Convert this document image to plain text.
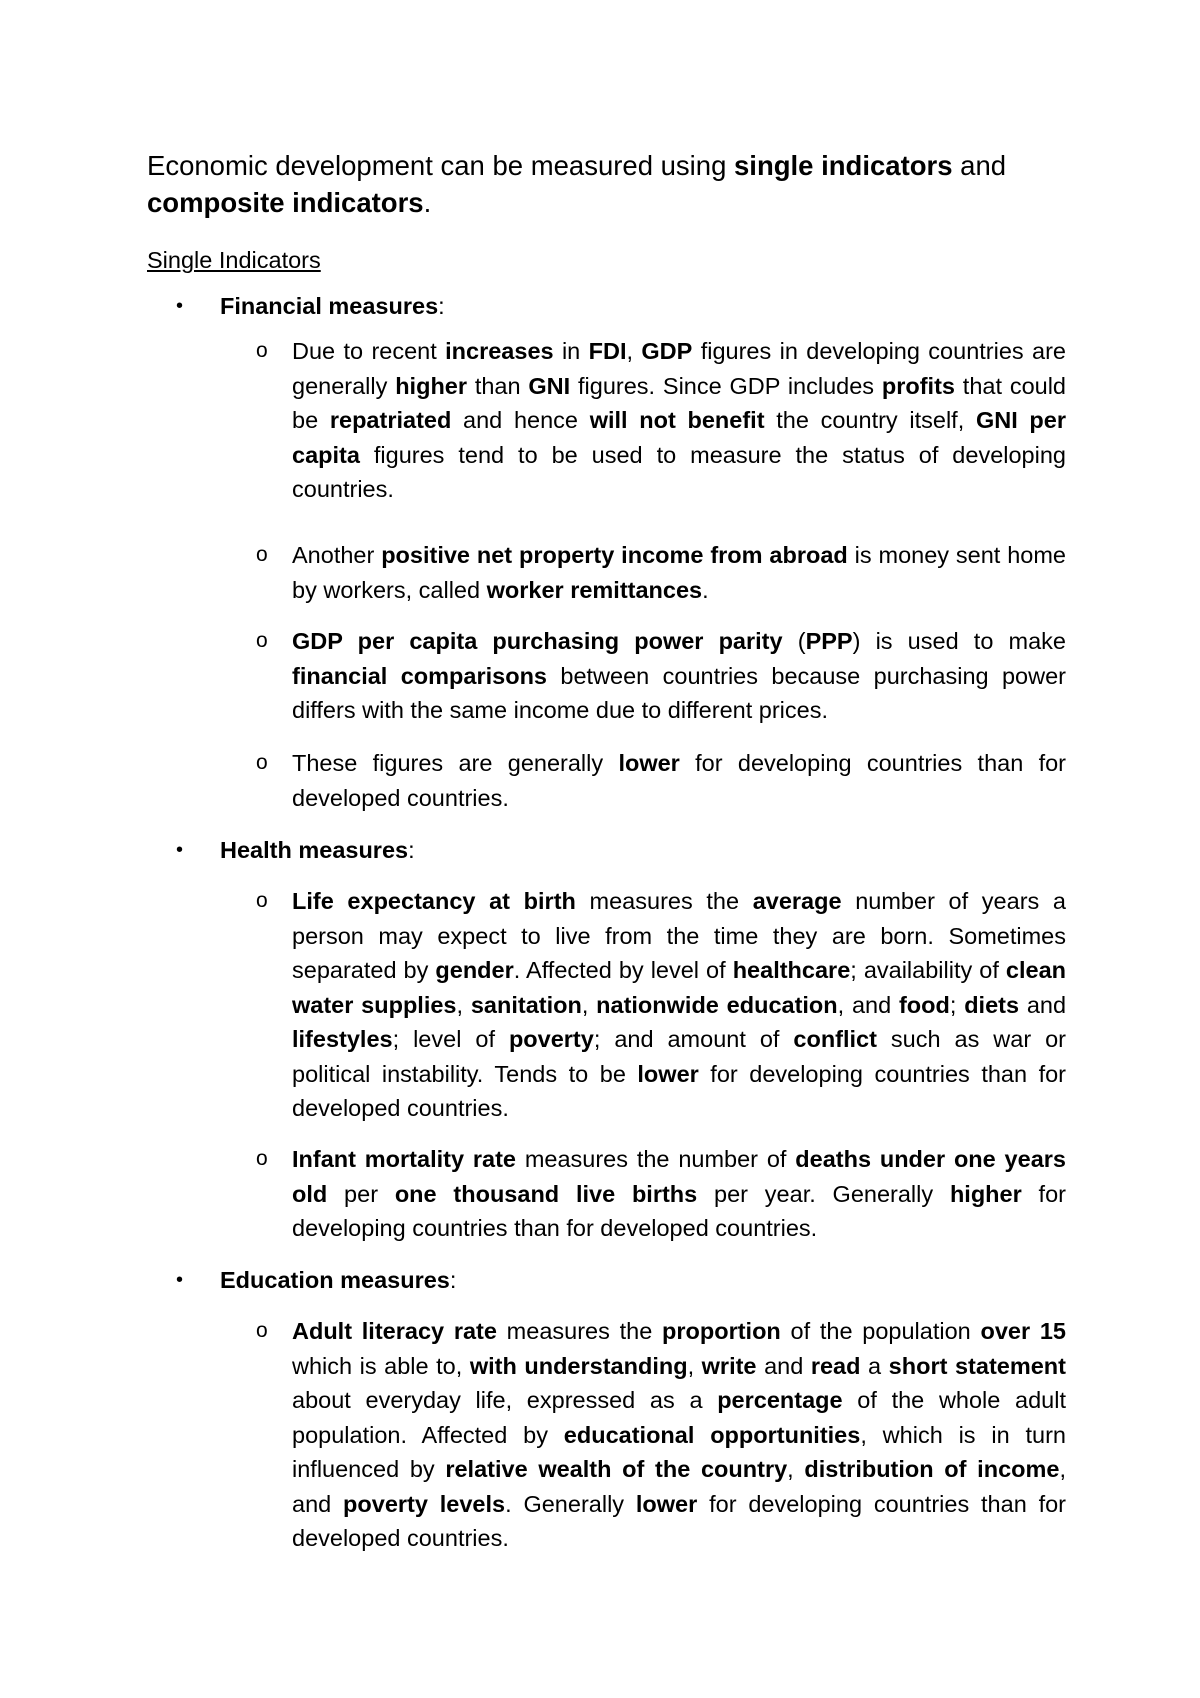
Economic development can be measured using single indicators and composite indicators.

Single Indicators
• Financial measures:

o Due to recent increases in FDI, GDP figures in developing countries are generally higher than GNI figures. Since GDP includes profits that could be repatriated and hence will not benefit the country itself, GNI per capita figures tend to be used to measure the status of developing countries.

o Another positive net property income from abroad is money sent home by workers, called worker remittances.

o GDP per capita purchasing power parity (PPP) is used to make financial comparisons between countries because purchasing power differs with the same income due to different prices.

o These figures are generally lower for developing countries than for developed countries.

• Health measures:

o Life expectancy at birth measures the average number of years a person may expect to live from the time they are born. Sometimes separated by gender. Affected by level of healthcare; availability of clean water supplies, sanitation, nationwide education, and food; diets and lifestyles; level of poverty; and amount of conflict such as war or political instability. Tends to be lower for developing countries than for developed countries.

o Infant mortality rate measures the number of deaths under one years old per one thousand live births per year. Generally higher for developing countries than for developed countries.

• Education measures:

o Adult literacy rate measures the proportion of the population over 15 which is able to, with understanding, write and read a short statement about everyday life, expressed as a percentage of the whole adult population. Affected by educational opportunities, which is in turn influenced by relative wealth of the country, distribution of income, and poverty levels. Generally lower for developing countries than for developed countries.
